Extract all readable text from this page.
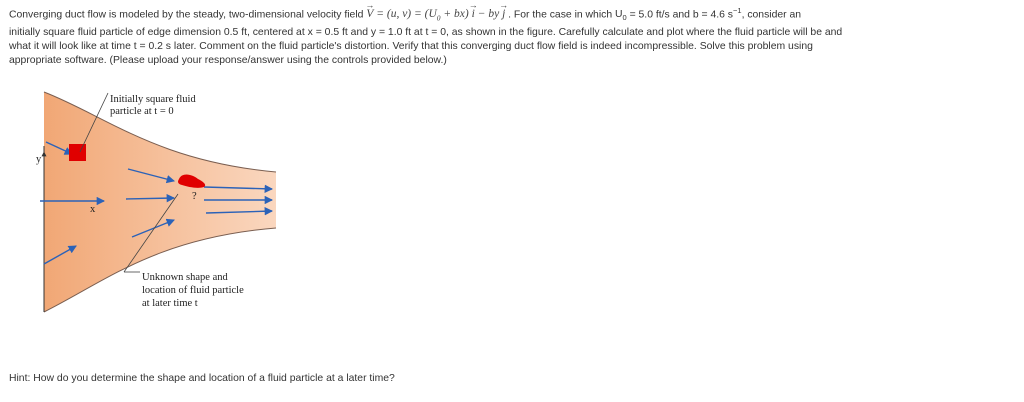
Converging duct flow is modeled by the steady, two-dimensional velocity field → V = (u, $v) = (U_0 + bx) \to i$ − by → j . For the case in which $U_0 = 5.0$ ft/s and b = 4.6 $s^{-1}$, consider an
initially square fluid particle of edge dimension 0.5 ft, centered at x = 0.5 ft and y = 1.0 ft at t = 0, as shown in the figure. Carefully calculate and plot where the fluid particle will be and
what it will look like at time t = 0.2 s later. Comment on the fluid particle's distortion. Verify that this converging duct flow field is indeed incompressible. Solve this problem using
appropriate software. (Please upload your response/answer using the controls provided below.)
y
x
?
Initially square fluid
particle at t = 0
Unknown shape and
location of fluid particle
at later time t
Hint: How do you determine the shape and location of a fluid particle at a later time?
